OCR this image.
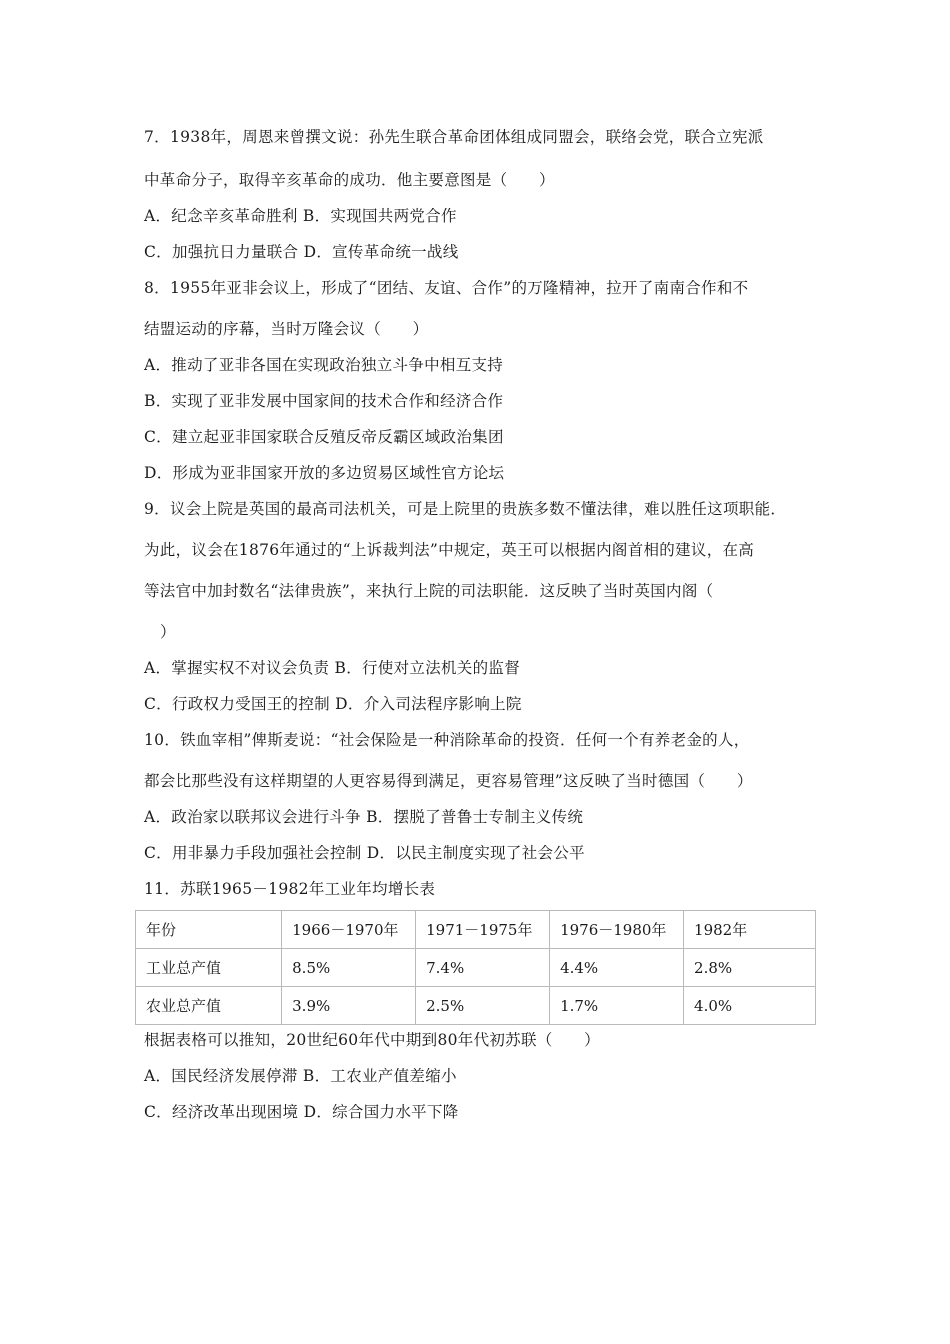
7．1938年，周恩来曾撰文说：孙先生联合革命团体组成同盟会，联络会党，联合立宪派
中革命分子，取得辛亥革命的成功．他主要意图是（　　）
A．纪念辛亥革命胜利 B．实现国共两党合作
C．加强抗日力量联合 D．宣传革命统一战线
8．1955年亚非会议上，形成了“团结、友谊、合作”的万隆精神，拉开了南南合作和不
结盟运动的序幕，当时万隆会议（　　）
A．推动了亚非各国在实现政治独立斗争中相互支持
B．实现了亚非发展中国家间的技术合作和经济合作
C．建立起亚非国家联合反殖反帝反霸区域政治集团
D．形成为亚非国家开放的多边贸易区域性官方论坛
9．议会上院是英国的最高司法机关，可是上院里的贵族多数不懂法律，难以胜任这项职能．
为此，议会在1876年通过的“上诉裁判法”中规定，英王可以根据内阁首相的建议，在高
等法官中加封数名“法律贵族”，来执行上院的司法职能．这反映了当时英国内阁（
）
A．掌握实权不对议会负责 B．行使对立法机关的监督
C．行政权力受国王的控制 D．介入司法程序影响上院
10．铁血宰相”俾斯麦说：“社会保险是一种消除革命的投资．任何一个有养老金的人，
都会比那些没有这样期望的人更容易得到满足，更容易管理”这反映了当时德国（　　）
A．政治家以联邦议会进行斗争 B．摆脱了普鲁士专制主义传统
C．用非暴力手段加强社会控制 D．以民主制度实现了社会公平
11．苏联1965－1982年工业年均增长表
年份	1966－1970年	1971－1975年	1976－1980年	1982年
工业总产值	8.5%	7.4%	4.4%	2.8%
农业总产值	3.9%	2.5%	1.7%	4.0%
根据表格可以推知，20世纪60年代中期到80年代初苏联（　　）
A．国民经济发展停滞 B．工农业产值差缩小
C．经济改革出现困境 D．综合国力水平下降
